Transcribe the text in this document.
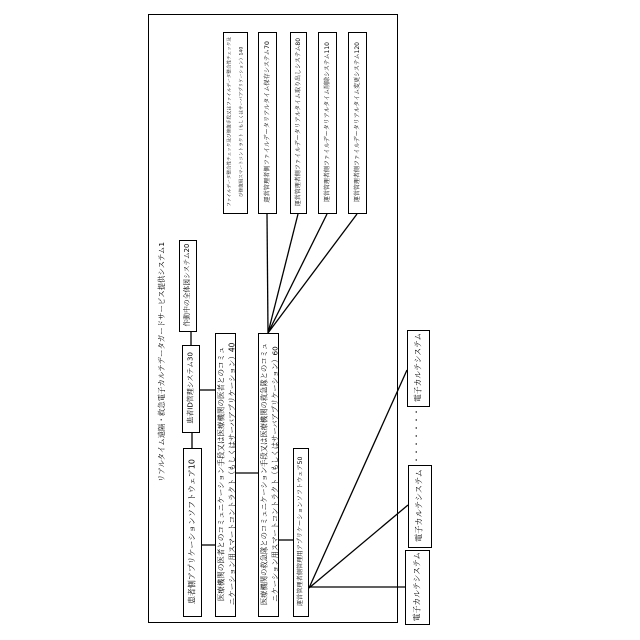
リアルタイム遠隔・救急電子カルテデータガードサービス提供システム1
患者側アプリケーションソフトウェア10
患者ID管理システム30
作動中の全体図システム20
医療機関の医者とのコミュニケーション手段又は医療機関の医者とのコミュ ニケーション用スマートコントラクト（もしくはサーバアプリケーション）40 医療機関の救急隊とのコミュニケーション手段又は医療機関の救急隊とのコミュ ニケーション用スマートコントラクト（もしくはサーバアプリケーション）60 運営管理者側管理用アプリケーションソフトウェア50
ファイルデータ整合性チェック及び修復手段又はファイルデータ整合性チェック及 び修復用スマートコントラクト（もしくはサーバアプリケーション）140 運営管理者側ファイルデータリアルタイム保存システム70 運営管理者側ファイルデータリアルタイム取り出しシステム80 運営管理者側ファイルデータリアルタイム削除システム110 運営管理者側ファイルデータリアルタイム変更システム120
電子カルテシステム
・・・・・・・
電子カルテシステム
電子カルテシステム
